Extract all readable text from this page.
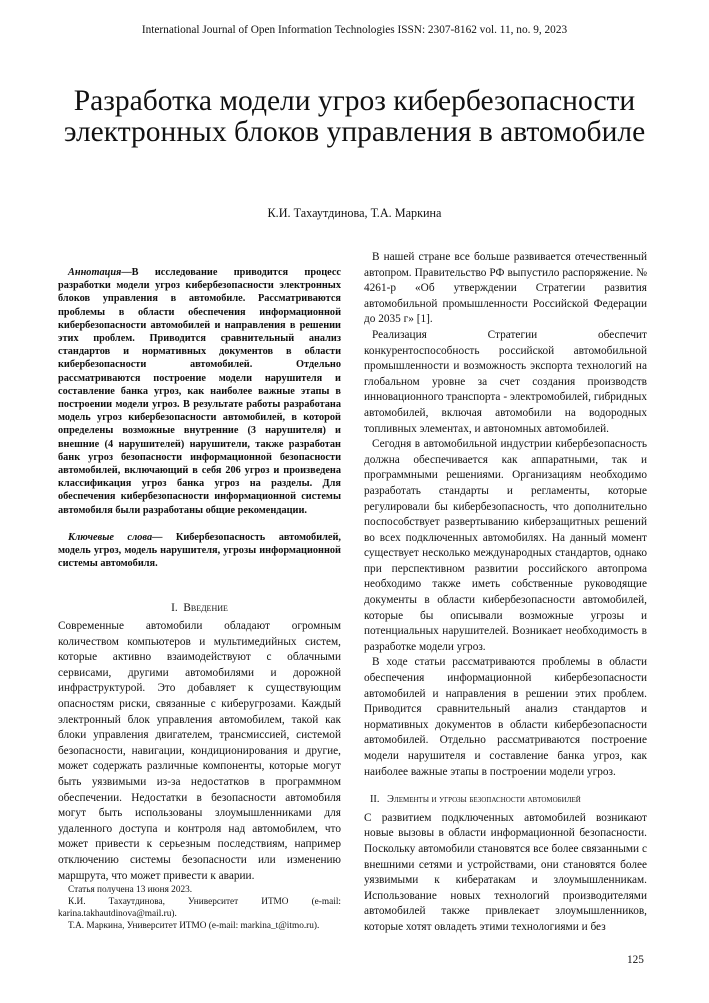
International Journal of Open Information Technologies ISSN: 2307-8162 vol. 11, no. 9, 2023
Разработка модели угроз кибербезопасности электронных блоков управления в автомобиле
К.И. Тахаутдинова, Т.А. Маркина

Аннотация—В исследование приводится процесс разработки модели угроз кибербезопасности электронных блоков управления в автомобиле. Рассматриваются проблемы в области обеспечения информационной кибербезопасности автомобилей и направления в решении этих проблем. Приводится сравнительный анализ стандартов и нормативных документов в области кибербезопасности автомобилей. Отдельно рассматриваются построение модели нарушителя и составление банка угроз, как наиболее важные этапы в построении модели угроз. В результате работы разработана модель угроз кибербезопасности автомобилей, в которой определены возможные внутренние (3 нарушителя) и внешние (4 нарушителей) нарушители, также разработан банк угроз безопасности информационной безопасности автомобилей, включающий в себя 206 угроз и произведена классификация угроз банка угроз на разделы. Для обеспечения кибербезопасности информационной системы автомобиля были разработаны общие рекомендации.

Ключевые слова— Кибербезопасность автомобилей, модель угроз, модель нарушителя, угрозы информационной системы автомобиля.

I. Введение

Современные автомобили обладают огромным количеством компьютеров и мультимедийных систем, которые активно взаимодействуют с облачными сервисами, другими автомобилями и дорожной инфраструктурой. Это добавляет к существующим опасностям риски, связанные с киберугрозами. Каждый электронный блок управления автомобилем, такой как блоки управления двигателем, трансмиссией, системой безопасности, навигации, кондиционирования и другие, может содержать различные компоненты, которые могут быть уязвимыми из-за недостатков в программном обеспечении. Недостатки в безопасности автомобиля могут быть использованы злоумышленниками для удаленного доступа и контроля над автомобилем, что может привести к серьезным последствиям, например отключению системы безопасности или изменению маршрута, что может привести к аварии.

Статья получена 13 июня 2023.

К.И. Тахаутдинова, Университет ИТМО (e-mail: karina.takhautdinova@mail.ru).

Т.А. Маркина, Университет ИТМО (e-mail: markina_t@itmo.ru).

В нашей стране все больше развивается отечественный автопром. Правительство РФ выпустило распоряжение. № 4261-р «Об утверждении Стратегии развития автомобильной промышленности Российской Федерации до 2035 г» [1].

Реализация Стратегии обеспечит конкурентоспособность российской автомобильной промышленности и возможность экспорта технологий на глобальном уровне за счет создания производств инновационного транспорта - электромобилей, гибридных автомобилей, включая автомобили на водородных топливных элементах, и автономных автомобилей.

Сегодня в автомобильной индустрии кибербезопасность должна обеспечивается как аппаратными, так и программными решениями. Организациям необходимо разработать стандарты и регламенты, которые регулировали бы кибербезопасность, что дополнительно поспособствует развертыванию киберзащитных решений во всех подключенных автомобилях. На данный момент существует несколько международных стандартов, однако при перспективном развитии российского автопрома необходимо также иметь собственные руководящие документы в области кибербезопасности автомобилей, которые бы описывали возможные угрозы и потенциальных нарушителей. Возникает необходимость в разработке модели угроз.

В ходе статьи рассматриваются проблемы в области обеспечения информационной кибербезопасности автомобилей и направления в решении этих проблем. Приводится сравнительный анализ стандартов и нормативных документов в области кибербезопасности автомобилей. Отдельно рассматриваются построение модели нарушителя и составление банка угроз, как наиболее важные этапы в построении модели угроз.

II. Элементы и угрозы безопасности автомобилей

С развитием подключенных автомобилей возникают новые вызовы в области информационной безопасности. Поскольку автомобили становятся все более связанными с внешними сетями и устройствами, они становятся более уязвимыми к кибератакам и злоумышленникам. Использование новых технологий производителями автомобилей также привлекает злоумышленников, которые хотят овладеть этими технологиями и без

125
